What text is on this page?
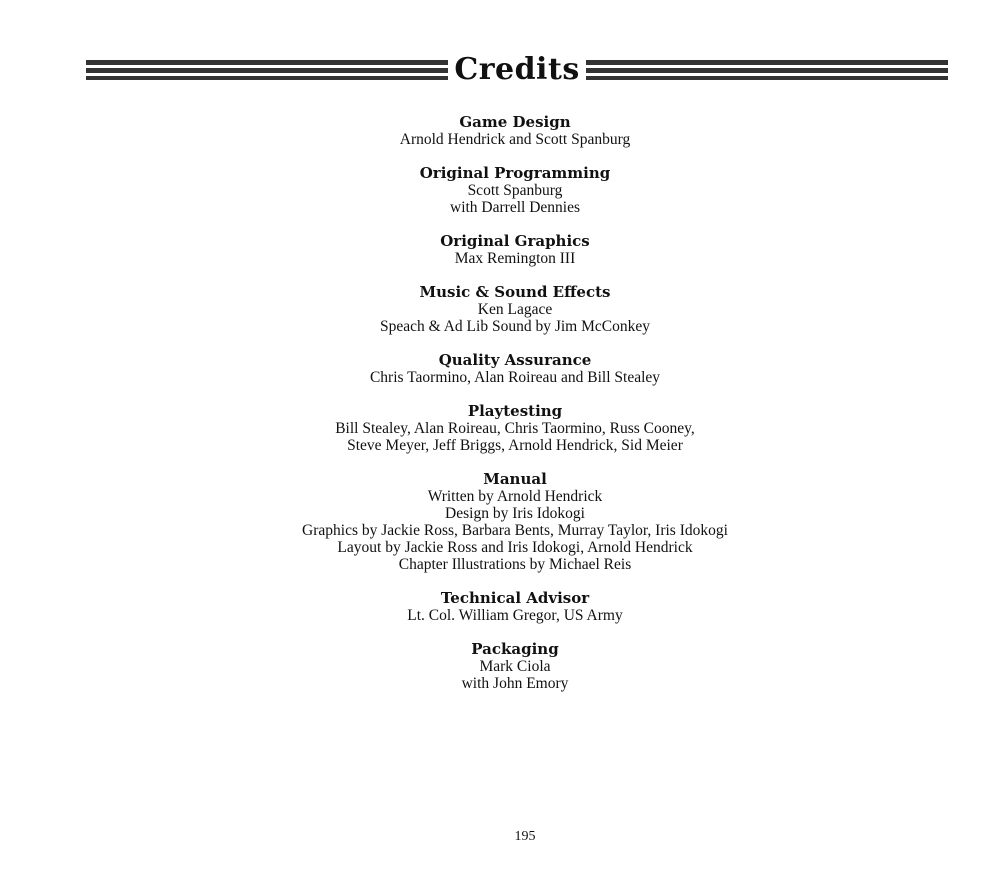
Credits
Game Design
Arnold Hendrick and Scott Spanburg
Original Programming
Scott Spanburg
with Darrell Dennies
Original Graphics
Max Remington III
Music & Sound Effects
Ken Lagace
Speach & Ad Lib Sound by Jim McConkey
Quality Assurance
Chris Taormino, Alan Roireau and Bill Stealey
Playtesting
Bill Stealey, Alan Roireau, Chris Taormino, Russ Cooney,
Steve Meyer, Jeff Briggs, Arnold Hendrick, Sid Meier
Manual
Written by Arnold Hendrick
Design by Iris Idokogi
Graphics by Jackie Ross, Barbara Bents, Murray Taylor, Iris Idokogi
Layout by Jackie Ross and Iris Idokogi, Arnold Hendrick
Chapter Illustrations by Michael Reis
Technical Advisor
Lt. Col. William Gregor, US Army
Packaging
Mark Ciola
with John Emory
195
